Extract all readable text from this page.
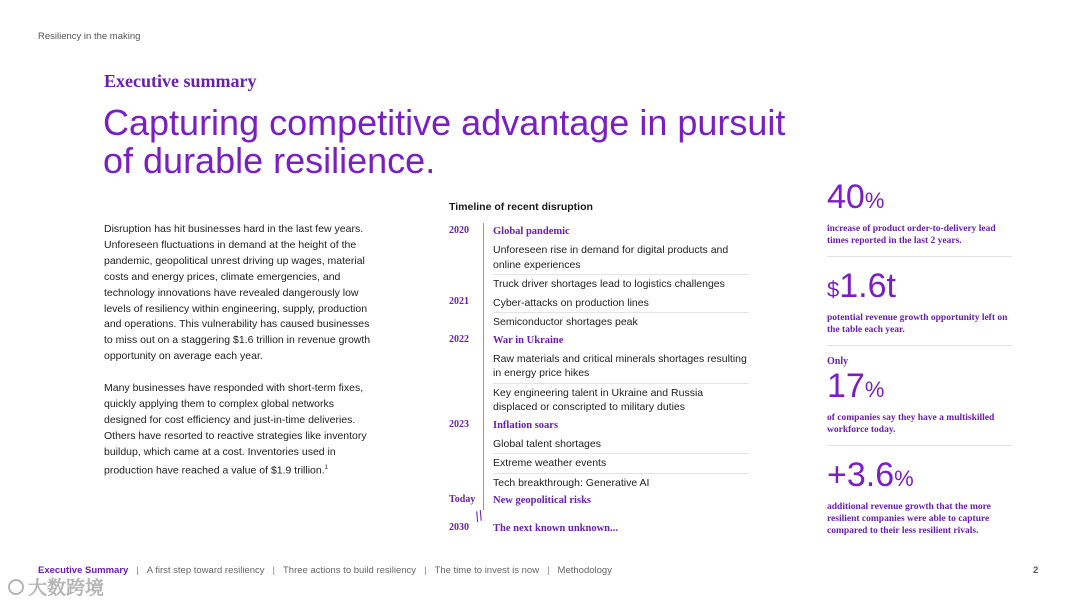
Resiliency in the making
Executive summary
Capturing competitive advantage in pursuit
of durable resilience.

Disruption has hit businesses hard in the last few years. Unforeseen fluctuations in demand at the height of the pandemic, geopolitical unrest driving up wages, material costs and energy prices, climate emergencies, and technology innovations have revealed dangerously low levels of resiliency within engineering, supply, production and operations. This vulnerability has caused businesses to miss out on a staggering $1.6 trillion in revenue growth opportunity on average each year.

Many businesses have responded with short-term fixes, quickly applying them to complex global networks designed for cost efficiency and just-in-time deliveries. Others have resorted to reactive strategies like inventory buildup, which came at a cost. Inventories used in production have reached a value of $1.9 trillion.$^1$

Timeline of recent disruption
2020	Global pandemic
Unforeseen rise in demand for digital products and online experiences
Truck driver shortages lead to logistics challenges
2021	Cyber-attacks on production lines
Semiconductor shortages peak
2022	War in Ukraine
Raw materials and critical minerals shortages resulting in energy price hikes
Key engineering talent in Ukraine and Russia displaced or conscripted to military duties
2023	Inflation soars
Global talent shortages
Extreme weather events
Tech breakthrough: Generative AI
Today	New geopolitical risks
2030	The next known unknown...
//
40%
increase of product order-to-delivery lead times reported in the last 2 years.
$1.6t
potential revenue growth opportunity left on the table each year.
Only
17%
of companies say they have a multiskilled workforce today.
+3.6%
additional revenue growth that the more resilient companies were able to capture compared to their less resilient rivals.
Executive Summary | A first step toward resiliency | Three actions to build resiliency | The time to invest is now | Methodology	2
大数跨境
